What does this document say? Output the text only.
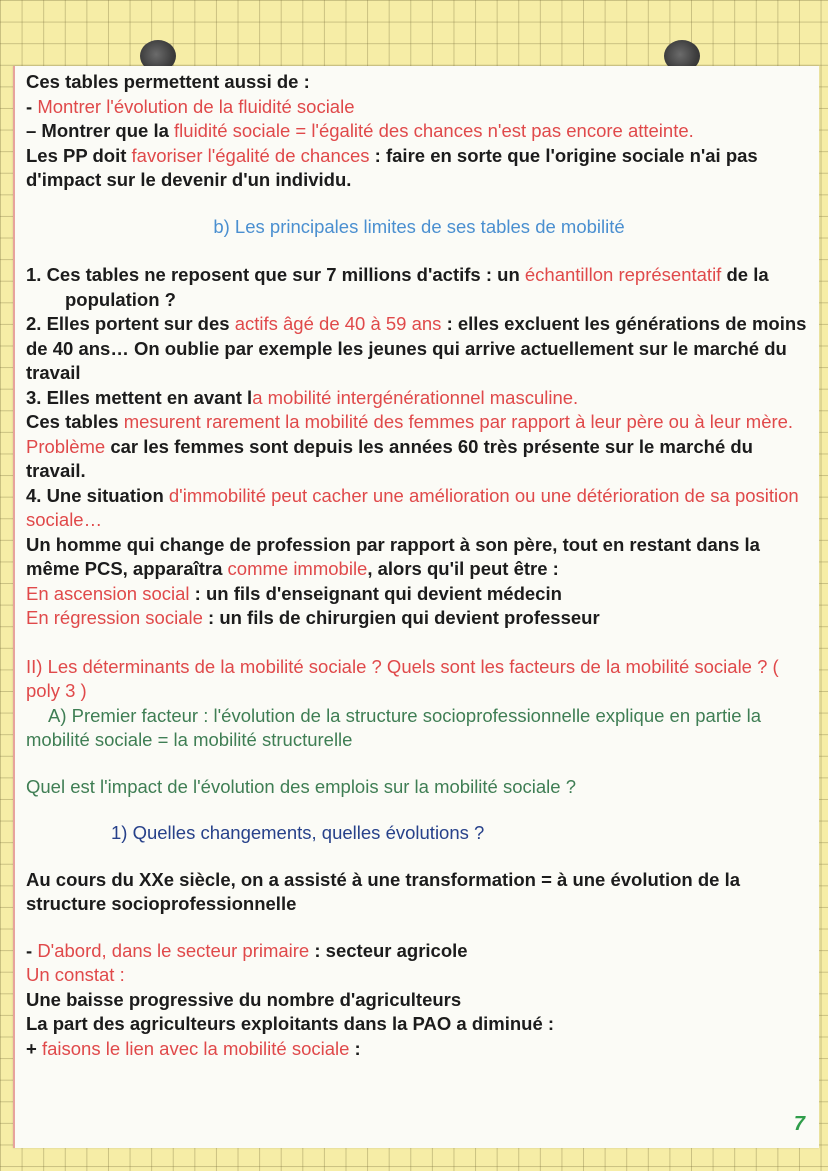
Ces tables permettent aussi de :

- Montrer l'évolution de la fluidité sociale

– Montrer que la fluidité sociale = l'égalité des chances n'est pas encore atteinte.

Les PP doit favoriser l'égalité de chances : faire en sorte que l'origine sociale n'ai pas d'impact sur le devenir d'un individu.

b) Les principales limites de ses tables de mobilité

1. Ces tables ne reposent que sur 7 millions d'actifs : un échantillon représentatif de la population ?

2. Elles portent sur des actifs âgé de 40 à 59 ans : elles excluent les générations de moins de 40 ans… On oublie par exemple les jeunes qui arrive actuellement sur le marché du travail

3. Elles mettent en avant la mobilité intergénérationnel masculine.

Ces tables mesurent rarement la mobilité des femmes par rapport à leur père ou à leur mère. Problème car les femmes sont depuis les années 60 très présente sur le marché du travail.

4. Une situation d'immobilité peut cacher une amélioration ou une détérioration de sa position sociale…

Un homme qui change de profession par rapport à son père, tout en restant dans la même PCS, apparaîtra comme immobile, alors qu'il peut être :

En ascension social : un fils d'enseignant qui devient médecin

En régression sociale : un fils de chirurgien qui devient professeur

II) Les déterminants de la mobilité sociale ? Quels sont les facteurs de la mobilité sociale ? ( poly 3 )

A) Premier facteur : l'évolution de la structure socioprofessionnelle explique en partie la mobilité sociale = la mobilité structurelle

Quel est l'impact de l'évolution des emplois sur la mobilité sociale ?

1) Quelles changements, quelles évolutions ?

Au cours du XXe siècle, on a assisté à une transformation = à une évolution de la structure socioprofessionnelle

- D'abord, dans le secteur primaire : secteur agricole

Un constat :

Une baisse progressive du nombre d'agriculteurs

La part des agriculteurs exploitants dans la PAO a diminué :

+ faisons le lien avec la mobilité sociale :

7
